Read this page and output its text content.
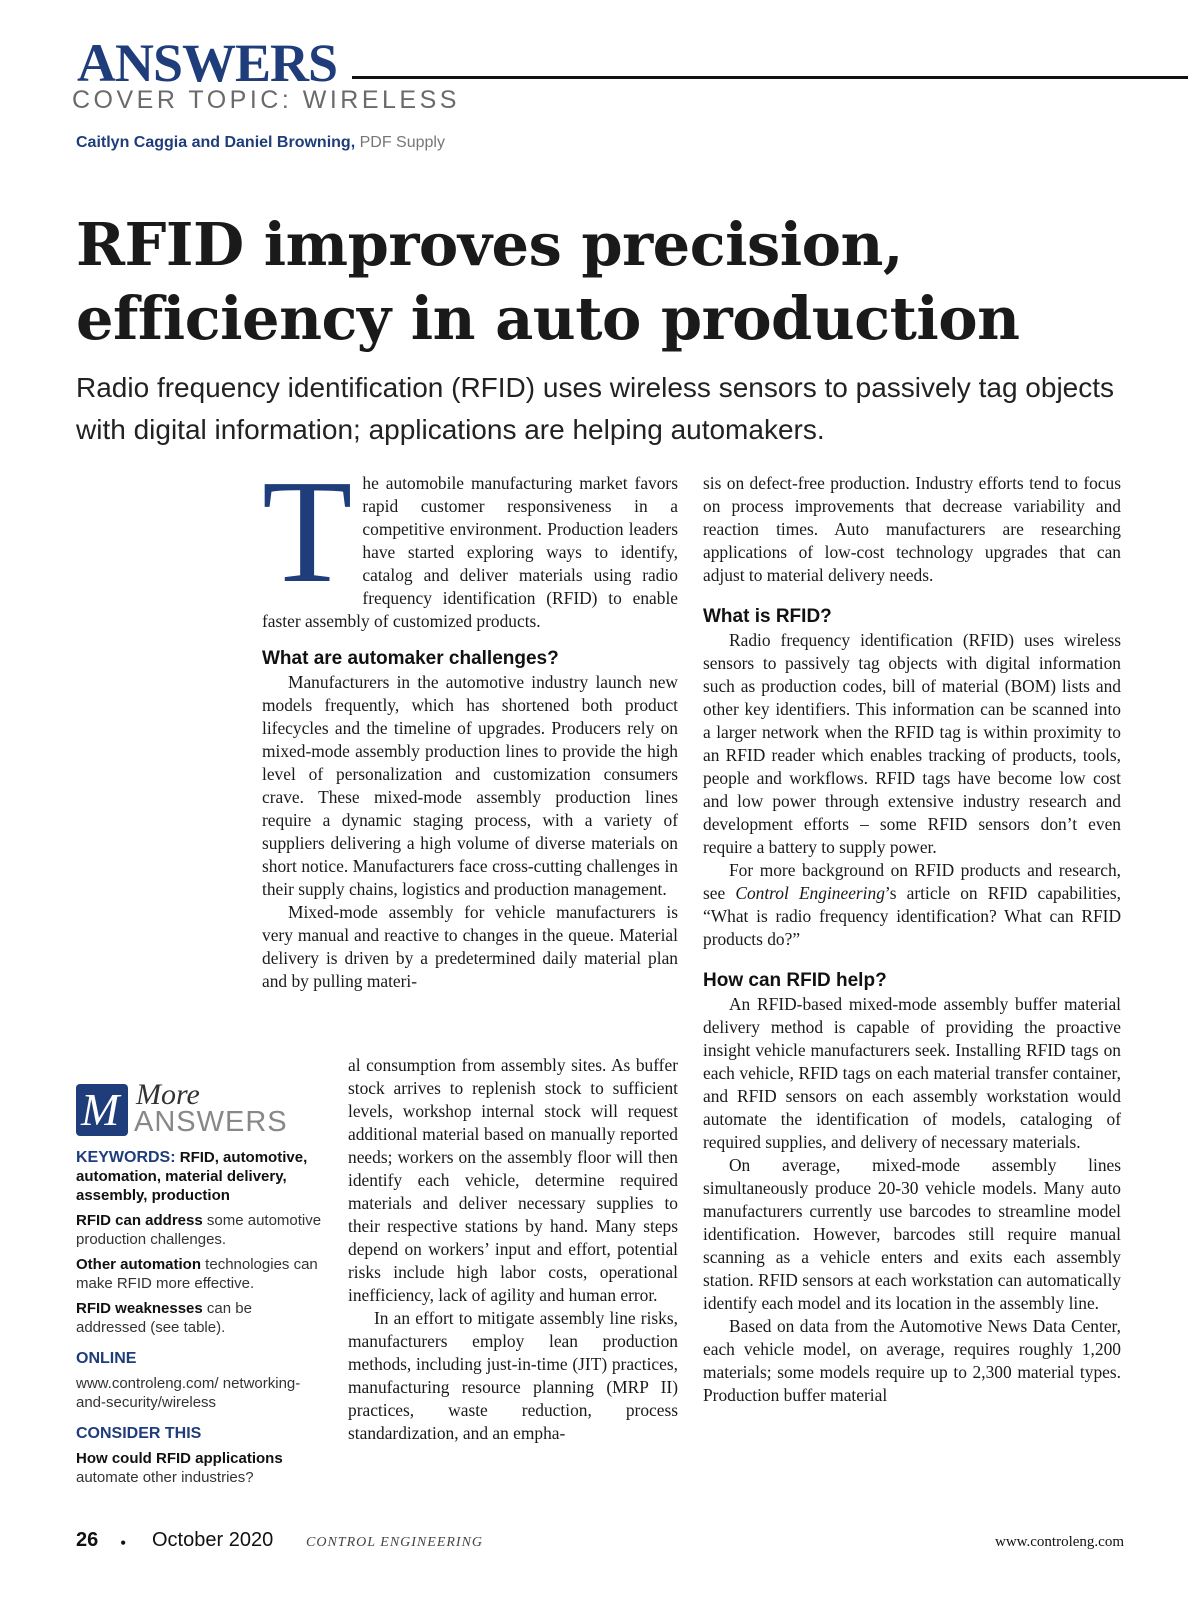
ANSWERS
COVER TOPIC: WIRELESS
Caitlyn Caggia and Daniel Browning, PDF Supply
RFID improves precision,
efficiency in auto production
Radio frequency identification (RFID) uses wireless sensors to passively tag objects with digital information; applications are helping automakers.

The automobile manufacturing market favors rapid customer responsiveness in a competitive environment. Production leaders have started exploring ways to identify, catalog and deliver materials using radio frequency identification (RFID) to enable faster assembly of customized products.

What are automaker challenges?

Manufacturers in the automotive industry launch new models frequently, which has shortened both product lifecycles and the timeline of upgrades. Producers rely on mixed-mode assembly production lines to provide the high level of personalization and customization consumers crave. These mixed-mode assembly production lines require a dynamic staging process, with a variety of suppliers delivering a high volume of diverse materials on short notice. Manufacturers face cross-cutting challenges in their supply chains, logistics and production management.

Mixed-mode assembly for vehicle manufacturers is very manual and reactive to changes in the queue. Material delivery is driven by a predetermined daily material plan and by pulling materi-

al consumption from assembly sites. As buffer stock arrives to replenish stock to sufficient levels, workshop internal stock will request additional material based on manually reported needs; workers on the assembly floor will then identify each vehicle, determine required materials and deliver necessary supplies to their respective stations by hand. Many steps depend on workers’ input and effort, potential risks include high labor costs, operational inefficiency, lack of agility and human error.

In an effort to mitigate assembly line risks, manufacturers employ lean production methods, including just-in-time (JIT) practices, manufacturing resource planning (MRP II) practices, waste reduction, process standardization, and an empha-

sis on defect-free production. Industry efforts tend to focus on process improvements that decrease variability and reaction times. Auto manufacturers are researching applications of low-cost technology upgrades that can adjust to material delivery needs.

What is RFID?

Radio frequency identification (RFID) uses wireless sensors to passively tag objects with digital information such as production codes, bill of material (BOM) lists and other key identifiers. This information can be scanned into a larger network when the RFID tag is within proximity to an RFID reader which enables tracking of products, tools, people and workflows. RFID tags have become low cost and low power through extensive industry research and development efforts – some RFID sensors don’t even require a battery to supply power.

For more background on RFID products and research, see Control Engineering’s article on RFID capabilities, “What is radio frequency identification? What can RFID products do?”

How can RFID help?

An RFID-based mixed-mode assembly buffer material delivery method is capable of providing the proactive insight vehicle manufacturers seek. Installing RFID tags on each vehicle, RFID tags on each material transfer container, and RFID sensors on each assembly workstation would automate the identification of models, cataloging of required supplies, and delivery of necessary materials.

On average, mixed-mode assembly lines simultaneously produce 20-30 vehicle models. Many auto manufacturers currently use barcodes to streamline model identification. However, barcodes still require manual scanning as a vehicle enters and exits each assembly station. RFID sensors at each workstation can automatically identify each model and its location in the assembly line.

Based on data from the Automotive News Data Center, each vehicle model, on average, requires roughly 1,200 materials; some models require up to 2,300 material types. Production buffer material

M More
ANSWERS
KEYWORDS: RFID, automotive, automation, material delivery, assembly, production
RFID can address some automotive production challenges.
Other automation technologies can make RFID more effective.
RFID weaknesses can be addressed (see table).
ONLINE
www.controleng.com/ networking-and-security/wireless
CONSIDER THIS
How could RFID applications automate other industries?
26 • October 2020 CONTROL ENGINEERING	www.controleng.com
